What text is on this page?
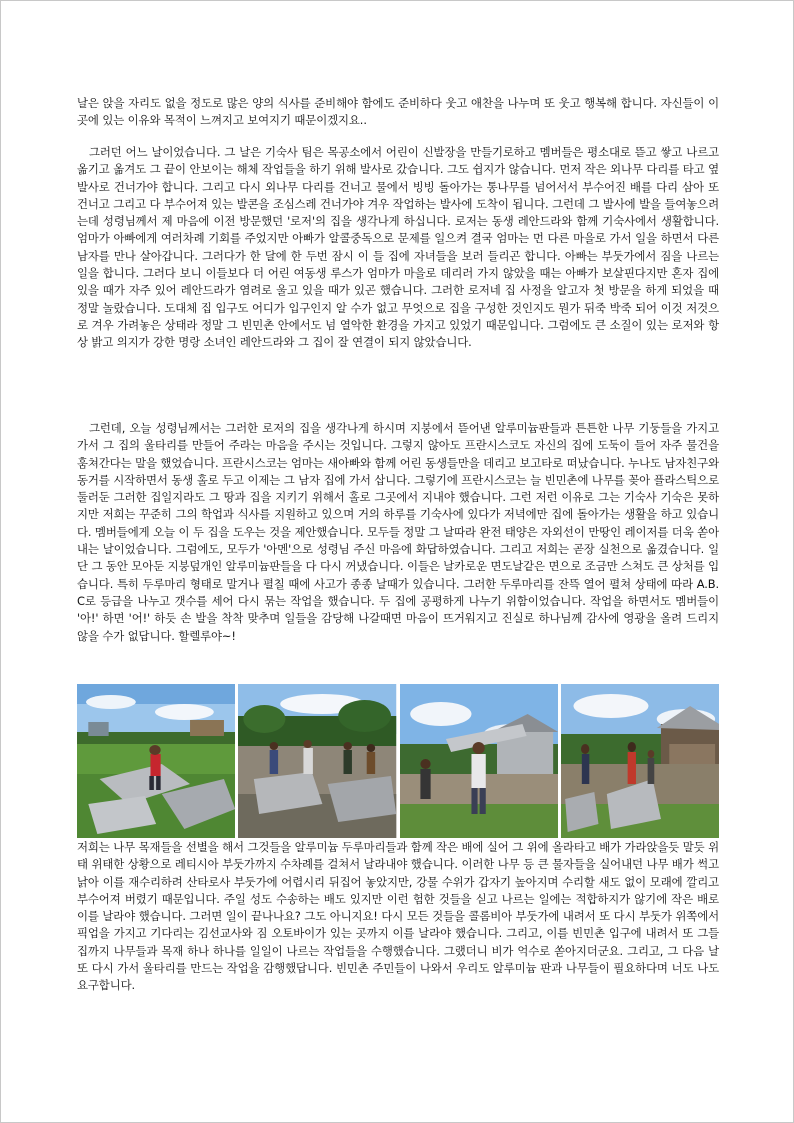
날은 앉을 자리도 없을 정도로 많은 양의 식사를 준비해야 함에도 준비하다 웃고 애찬을 나누며 또 웃고 행복해 합니다. 자신들이 이곳에 있는 이유와 목적이 느껴지고 보여지기 때문이겠지요..

그러던 어느 날이었습니다. 그 날은 기숙사 팀은 목공소에서 어린이 신발장을 만들기로하고 멤버들은 평소대로 뜯고 쌓고 나르고 옮기고 옮겨도 그 끝이 안보이는 해체 작업들을 하기 위해 발사로 갔습니다. 그도 쉽지가 않습니다. 먼저 작은 외나무 다리를 타고 옆 발사로 건너가야 합니다. 그리고 다시 외나무 다리를 건너고 물에서 빙빙 돌아가는 통나무를 넘어서서 부수어진 배를 다리 삼아 또 건너고 그리고 다 부수어져 있는 발콘을 조심스레 건너가야 겨우 작업하는 발사에 도착이 됩니다. 그런데 그 발사에 발을 들여놓으려는데 성령님께서 제 마음에 이전 방문했던 '로저'의 집을 생각나게 하십니다. 로저는 동생 레안드라와 함께 기숙사에서 생활합니다. 엄마가 아빠에게 여러차례 기회를 주었지만 아빠가 알콜중독으로 문제를 일으켜 결국 엄마는 먼 다른 마을로 가서 일을 하면서 다른 남자를 만나 살아갑니다. 그러다가 한 달에 한 두번 잠시 이 들 집에 자녀들을 보러 들리곤 합니다. 아빠는 부둣가에서 짐을 나르는 일을 합니다. 그러다 보니 이들보다 더 어린 여동생 루스가 엄마가 마을로 데리러 가지 않았을 때는 아빠가 보살핀다지만 혼자 집에 있을 때가 자주 있어 레안드라가 염려로 울고 있을 때가 있곤 했습니다. 그러한 로저네 집 사정을 알고자 첫 방문을 하게 되었을 때 정말 놀랐습니다. 도대체 집 입구도 어디가 입구인지 알 수가 없고 무엇으로 집을 구성한 것인지도 뭔가 뒤죽 박죽 되어 이것 저것으로 겨우 가려놓은 상태라 정말 그 빈민촌 안에서도 넘 열악한 환경을 가지고 있었기 때문입니다. 그럼에도 큰 소질이 있는 로저와 항상 밝고 의지가 강한 명랑 소녀인 레안드라와 그 집이 잘 연결이 되지 않았습니다.

그런데, 오늘 성령님께서는 그러한 로저의 집을 생각나게 하시며 지붕에서 뜯어낸 알루미늄판들과 튼튼한 나무 기둥들을 가지고 가서 그 집의 울타리를 만들어 주라는 마음을 주시는 것입니다. 그렇지 않아도 프란시스코도 자신의 집에 도둑이 들어 자주 물건을 훔쳐간다는 말을 했었습니다. 프란시스코는 엄마는 새아빠와 함께 어린 동생들만을 데리고 보고타로 떠났습니다. 누나도 남자친구와 동거를 시작하면서 동생 홀로 두고 이제는 그 남자 집에 가서 삽니다. 그렇기에 프란시스코는 늘 빈민촌에 나무를 꽂아 플라스틱으로 둘러둔 그러한 집일지라도 그 땅과 집을 지키기 위해서 홀로 그곳에서 지내야 했습니다. 그런 저런 이유로 그는 기숙사 기숙은 못하지만 저희는 꾸준히 그의 학업과 식사를 지원하고 있으며 거의 하루를 기숙사에 있다가 저녁에만 집에 돌아가는 생활을 하고 있습니다. 멤버들에게 오늘 이 두 집을 도우는 것을 제안했습니다. 모두들 정말 그 날따라 완전 태양은 자외선이 만땅인 레이저를 더욱 쏟아내는 날이었습니다. 그럼에도, 모두가 '아멘'으로 성령님 주신 마음에 화답하였습니다. 그리고 저희는 곧장 실천으로 옮겼습니다. 일단 그 동안 모아둔 지붕덮개인 알루미늄판들을 다 다시 꺼냈습니다. 이들은 날카로운 면도날같은 면으로 조금만 스쳐도 큰 상처를 입습니다. 특히 두루마리 형태로 말거나 펼칠 때에 사고가 종종 날때가 있습니다. 그러한 두루마리를 잔뜩 열어 펼쳐 상태에 따라 A.B.C로 등급을 나누고 갯수를 세어 다시 묶는 작업을 했습니다. 두 집에 공평하게 나누기 위함이었습니다. 작업을 하면서도 멤버들이 '아!' 하면 '어!' 하듯 손 발을 착착 맞추며 일들을 감당해 나갈때면 마음이 뜨거워지고 진실로 하나님께 감사에 영광을 올려 드리지 않을 수가 없답니다. 할렐루야~!

저희는 나무 목재들을 선별을 해서 그것들을 알루미늄 두루마리들과 함께 작은 배에 실어 그 위에 올라타고 배가 가라앉을듯 말듯 위태 위태한 상황으로 레티시아 부둣가까지 수차례를 걸쳐서 날라내야 했습니다. 이러한 나무 등 큰 물자들을 실어내던 나무 배가 썩고 낡아 이를 재수리하려 산타로사 부둣가에 어렵시리 뒤집어 놓았지만, 강물 수위가 갑자기 높아지며 수리할 새도 없이 모래에 깔리고 부수어져 버렸기 때문입니다. 주일 성도 수송하는 배도 있지만 이런 험한 것들을 싣고 나르는 일에는 적합하지가 않기에 작은 배로 이를 날라야 했습니다. 그러면 일이 끝나나요? 그도 아니지요! 다시 모든 것들을 콜롬비아 부둣가에 내려서 또 다시 부둣가 위쪽에서 픽업을 가지고 기다리는 김선교사와 짐 오토바이가 있는 곳까지 이를 날라야 했습니다. 그리고, 이를 빈민촌 입구에 내려서 또 그들 집까지 나무들과 목재 하나 하나를 일일이 나르는 작업들을 수행했습니다. 그랬더니 비가 억수로 쏟아지더군요. 그리고, 그 다음 날 또 다시 가서 울타리를 만드는 작업을 감행했답니다. 빈민촌 주민들이 나와서 우리도 알루미늄 판과 나무들이 필요하다며 너도 나도 요구합니다.
